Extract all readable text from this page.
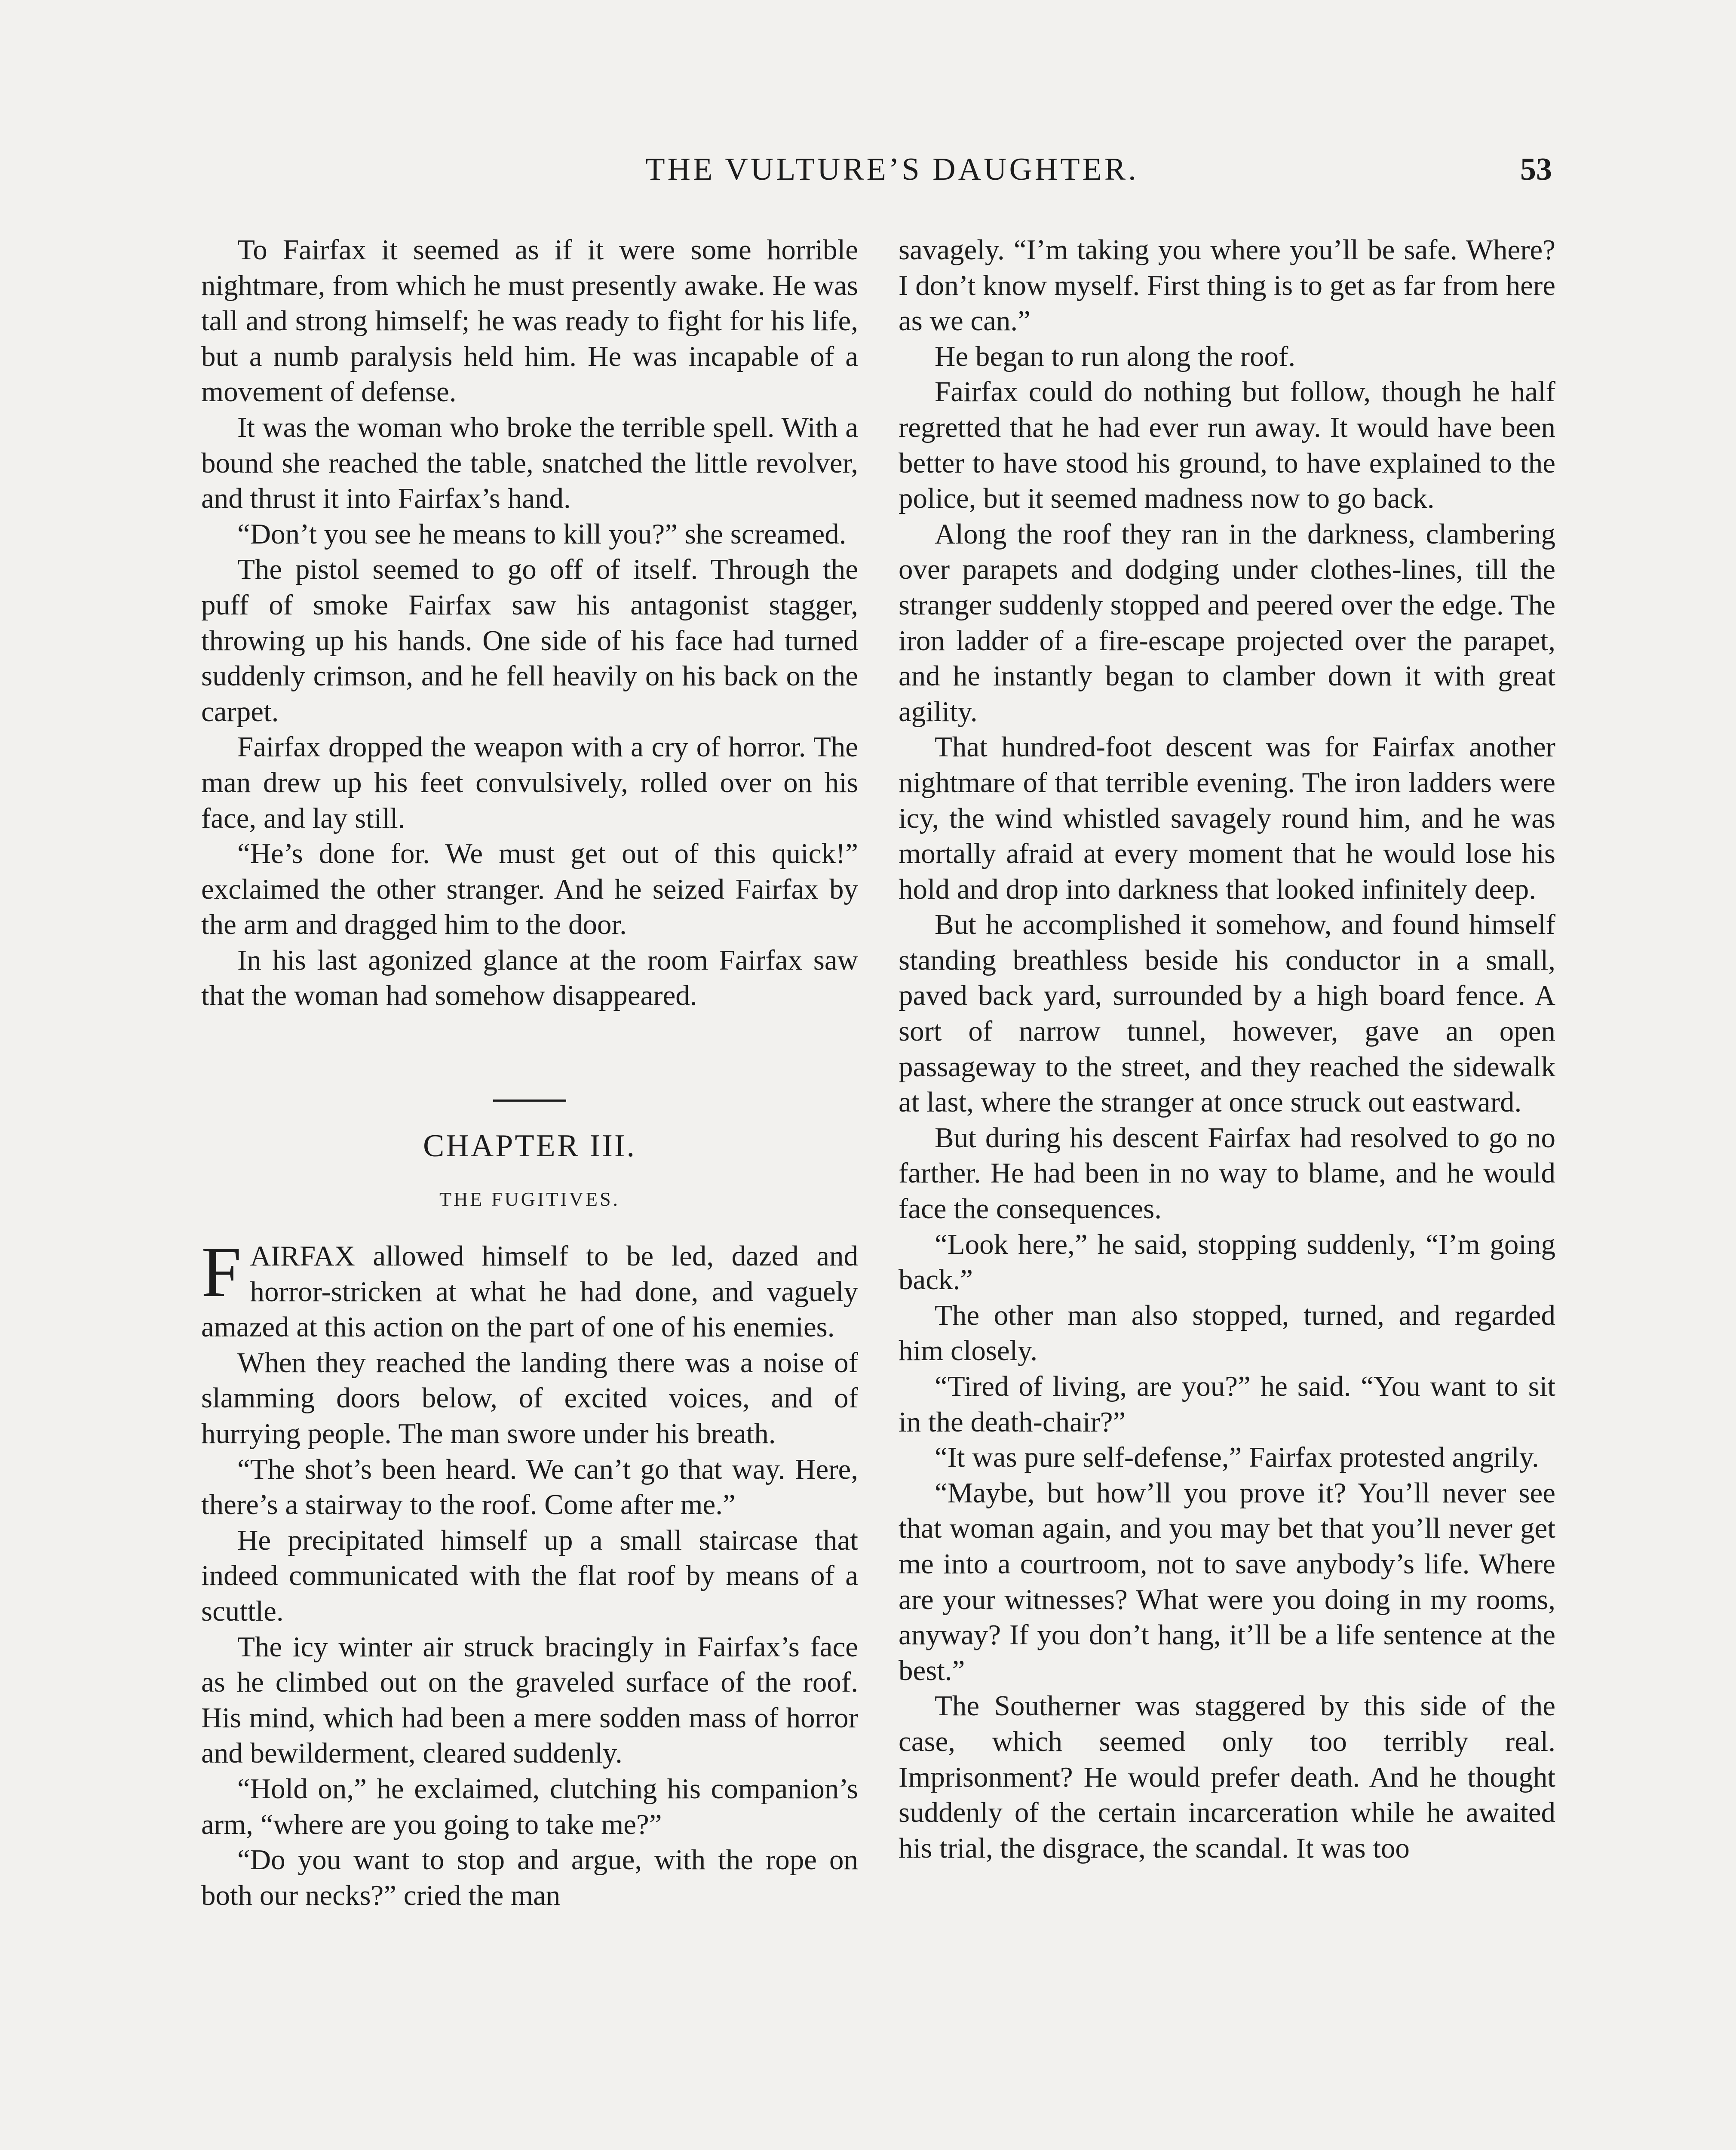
THE VULTURE’S DAUGHTER.	53

To Fairfax it seemed as if it were some horrible nightmare, from which he must presently awake. He was tall and strong himself; he was ready to fight for his life, but a numb paralysis held him. He was incapable of a movement of defense.

It was the woman who broke the terrible spell. With a bound she reached the table, snatched the little revolver, and thrust it into Fairfax’s hand.

“Don’t you see he means to kill you?” she screamed.

The pistol seemed to go off of itself. Through the puff of smoke Fairfax saw his antagonist stagger, throwing up his hands. One side of his face had turned suddenly crimson, and he fell heavily on his back on the carpet.

Fairfax dropped the weapon with a cry of horror. The man drew up his feet convulsively, rolled over on his face, and lay still.

“He’s done for. We must get out of this quick!” exclaimed the other stranger. And he seized Fairfax by the arm and dragged him to the door.

In his last agonized glance at the room Fairfax saw that the woman had somehow disappeared.

CHAPTER III.
THE FUGITIVES.

FAIRFAX allowed himself to be led, dazed and horror-stricken at what he had done, and vaguely amazed at this action on the part of one of his enemies.

When they reached the landing there was a noise of slamming doors below, of excited voices, and of hurrying people. The man swore under his breath.

“The shot’s been heard. We can’t go that way. Here, there’s a stairway to the roof. Come after me.”

He precipitated himself up a small staircase that indeed communicated with the flat roof by means of a scuttle.

The icy winter air struck bracingly in Fairfax’s face as he climbed out on the graveled surface of the roof. His mind, which had been a mere sodden mass of horror and bewilderment, cleared suddenly.

“Hold on,” he exclaimed, clutching his companion’s arm, “where are you going to take me?”

“Do you want to stop and argue, with the rope on both our necks?” cried the man

savagely. “I’m taking you where you’ll be safe. Where? I don’t know myself. First thing is to get as far from here as we can.”

He began to run along the roof.

Fairfax could do nothing but follow, though he half regretted that he had ever run away. It would have been better to have stood his ground, to have explained to the police, but it seemed madness now to go back.

Along the roof they ran in the darkness, clambering over parapets and dodging under clothes-lines, till the stranger suddenly stopped and peered over the edge. The iron ladder of a fire-escape projected over the parapet, and he instantly began to clamber down it with great agility.

That hundred-foot descent was for Fairfax another nightmare of that terrible evening. The iron ladders were icy, the wind whistled savagely round him, and he was mortally afraid at every moment that he would lose his hold and drop into darkness that looked infinitely deep.

But he accomplished it somehow, and found himself standing breathless beside his conductor in a small, paved back yard, surrounded by a high board fence. A sort of narrow tunnel, however, gave an open passageway to the street, and they reached the sidewalk at last, where the stranger at once struck out eastward.

But during his descent Fairfax had resolved to go no farther. He had been in no way to blame, and he would face the consequences.

“Look here,” he said, stopping suddenly, “I’m going back.”

The other man also stopped, turned, and regarded him closely.

“Tired of living, are you?” he said. “You want to sit in the death-chair?”

“It was pure self-defense,” Fairfax protested angrily.

“Maybe, but how’ll you prove it? You’ll never see that woman again, and you may bet that you’ll never get me into a courtroom, not to save anybody’s life. Where are your witnesses? What were you doing in my rooms, anyway? If you don’t hang, it’ll be a life sentence at the best.”

The Southerner was staggered by this side of the case, which seemed only too terribly real. Imprisonment? He would prefer death. And he thought suddenly of the certain incarceration while he awaited his trial, the disgrace, the scandal. It was too
